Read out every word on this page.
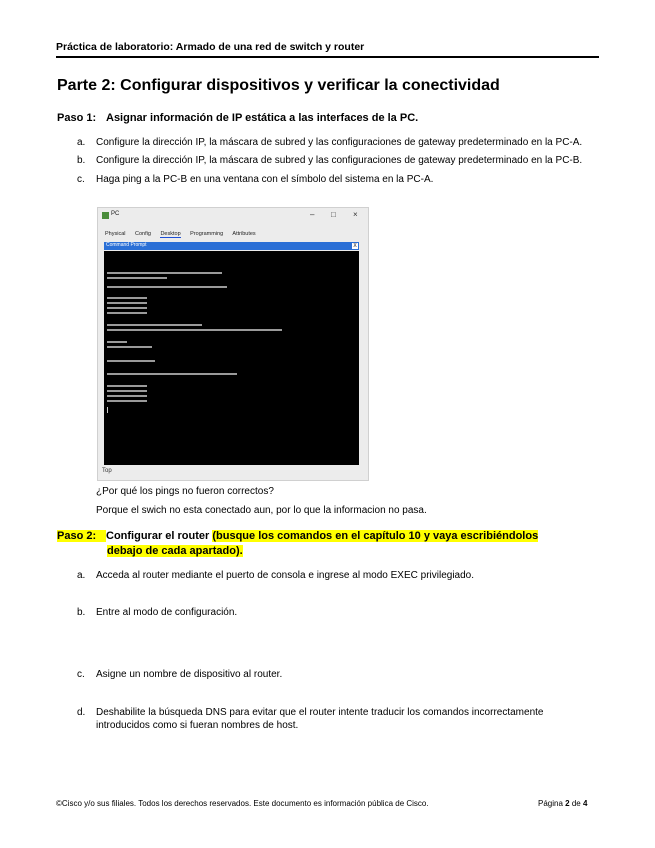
Práctica de laboratorio: Armado de una red de switch y router
Parte 2: Configurar dispositivos y verificar la conectividad
Paso 1: Asignar información de IP estática a las interfaces de la PC.
a. Configure la dirección IP, la máscara de subred y las configuraciones de gateway predeterminado en la PC-A.
b. Configure la dirección IP, la máscara de subred y las configuraciones de gateway predeterminado en la PC-B.
c. Haga ping a la PC-B en una ventana con el símbolo del sistema en la PC-A.
PC	– □ ×
Physical Config Desktop Programming Attributes
Command Prompt	X
Top
¿Por qué los pings no fueron correctos?
Porque el swich no esta conectado aun, por lo que la informacion no pasa.
Paso 2: Configurar el router (busque los comandos en el capítulo 10 y vaya escribiéndolos
debajo de cada apartado).
a. Acceda al router mediante el puerto de consola e ingrese al modo EXEC privilegiado.
b. Entre al modo de configuración.
c. Asigne un nombre de dispositivo al router.
d. Deshabilite la búsqueda DNS para evitar que el router intente traducir los comandos incorrectamente
introducidos como si fueran nombres de host.
©Cisco y/o sus filiales. Todos los derechos reservados. Este documento es información pública de Cisco.	Página 2 de 4
